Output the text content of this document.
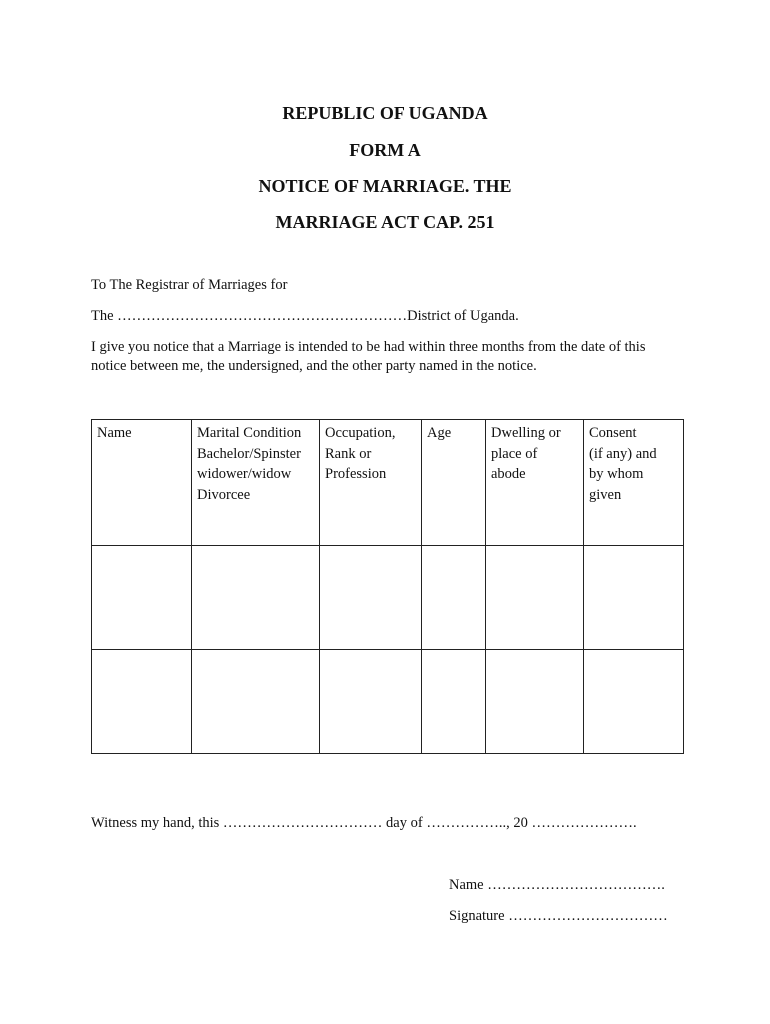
REPUBLIC OF UGANDA
FORM A
NOTICE OF MARRIAGE. THE
MARRIAGE ACT CAP. 251
To The Registrar of Marriages for
The ……………………………………………………District of Uganda.
I give you notice that a Marriage is intended to be had within three months from the date of this
notice between me, the undersigned, and the other party named in the notice.
Name	Marital Condition
Bachelor/Spinster
widower/widow
Divorcee	Occupation,
Rank or
Profession	Age	Dwelling or
place of
abode	Consent
(if any) and
by whom
given

Witness my hand, this …………………………… day of …………….., 20 ………………….
Name ……………………………….
Signature ……………………………
